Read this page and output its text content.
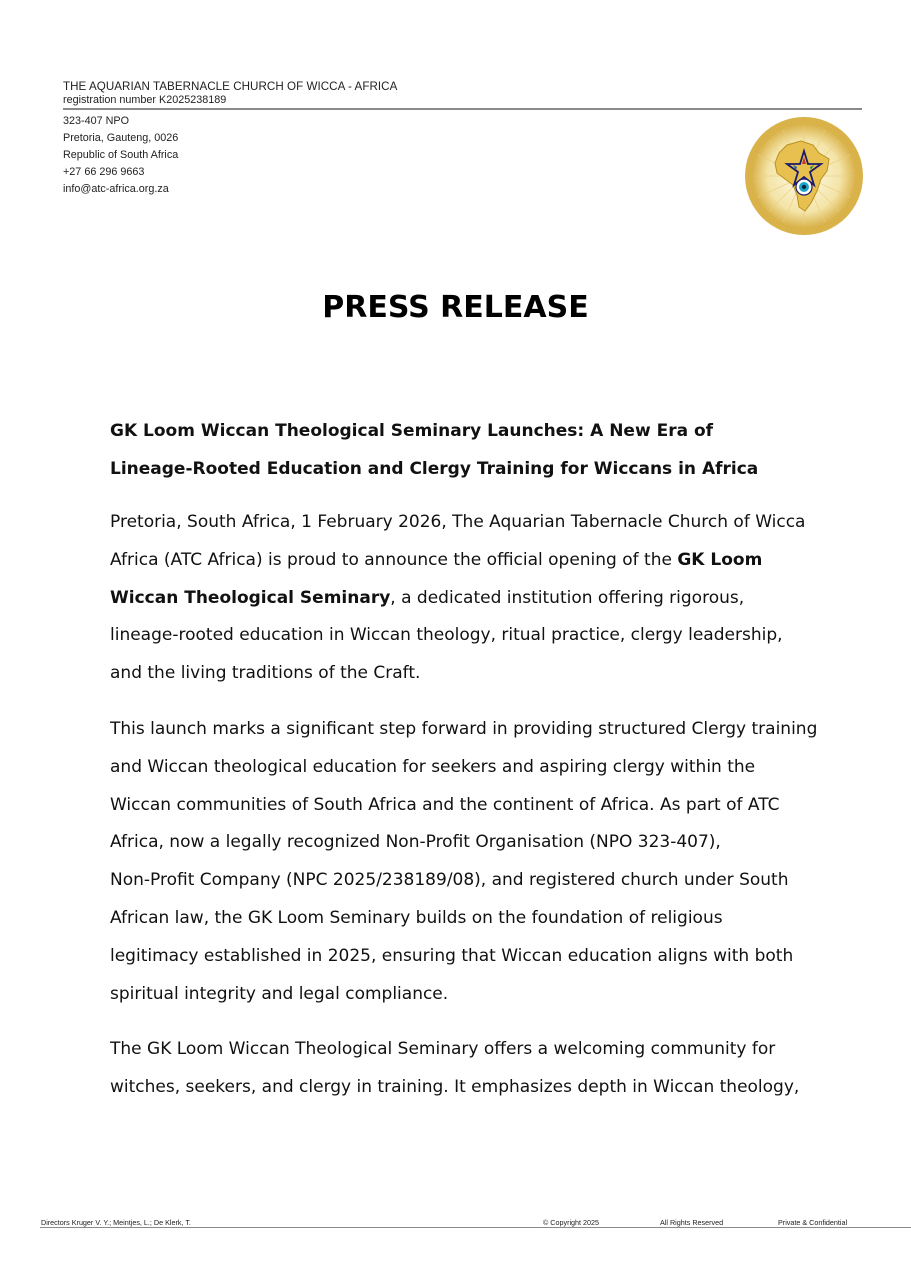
THE AQUARIAN TABERNACLE CHURCH OF WICCA - AFRICA
registration number K2025238189
323-407 NPO
Pretoria, Gauteng, 0026
Republic of South Africa
+27 66 296 9663
info@atc-africa.org.za
PRESS RELEASE
GK Loom Wiccan Theological Seminary Launches: A New Era of Lineage-Rooted Education and Clergy Training for Wiccans in Africa
Pretoria, South Africa, 1 February 2026, The Aquarian Tabernacle Church of Wicca
Africa (ATC Africa) is proud to announce the official opening of the GK Loom
Wiccan Theological Seminary, a dedicated institution offering rigorous,
lineage-rooted education in Wiccan theology, ritual practice, clergy leadership,
and the living traditions of the Craft.
This launch marks a significant step forward in providing structured Clergy training
and Wiccan theological education for seekers and aspiring clergy within the
Wiccan communities of South Africa and the continent of Africa. As part of ATC
Africa, now a legally recognized Non-Profit Organisation (NPO 323-407),
Non-Profit Company (NPC 2025/238189/08), and registered church under South
African law, the GK Loom Seminary builds on the foundation of religious
legitimacy established in 2025, ensuring that Wiccan education aligns with both
spiritual integrity and legal compliance.
The GK Loom Wiccan Theological Seminary offers a welcoming community for
witches, seekers, and clergy in training. It emphasizes depth in Wiccan theology,
Directors Kruger V. Y.; Meintjes, L.; De Klerk, T.	© Copyright 2025	All Rights Reserved	Private & Confidential
